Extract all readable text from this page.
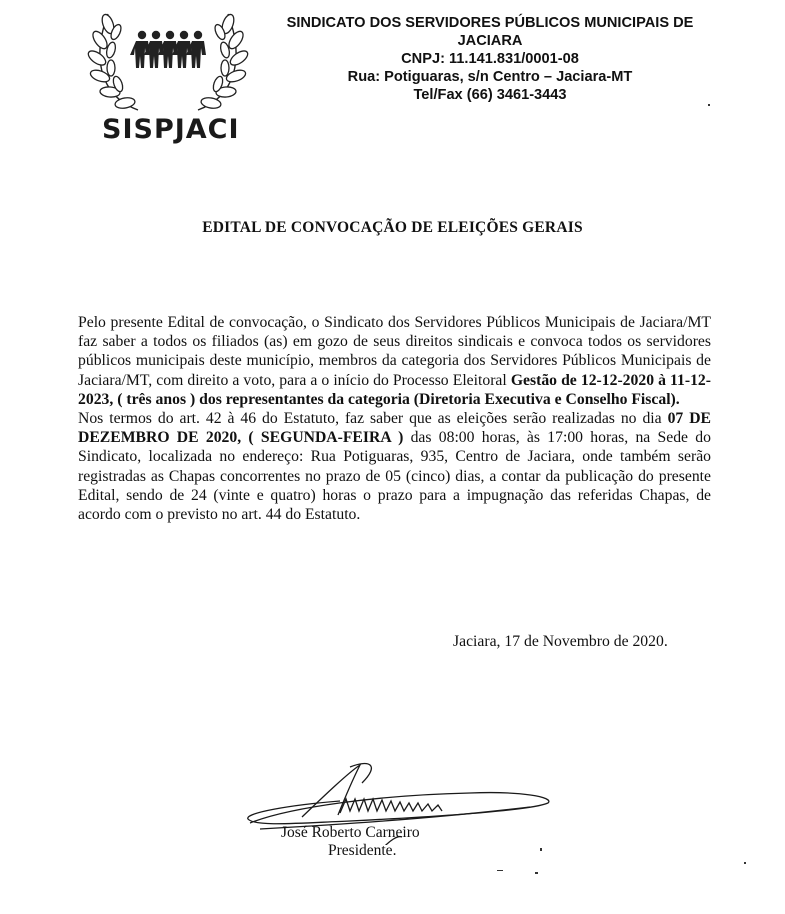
SISPJACI
SINDICATO DOS SERVIDORES PÚBLICOS MUNICIPAIS DE
JACIARA
CNPJ: 11.141.831/0001-08
Rua: Potiguaras, s/n Centro – Jaciara-MT
Tel/Fax (66) 3461-3443
EDITAL DE CONVOCAÇÃO DE ELEIÇÕES GERAIS

Pelo presente Edital de convocação, o Sindicato dos Servidores Públicos Municipais de Jaciara/MT faz saber a todos os filiados (as) em gozo de seus direitos sindicais e convoca todos os servidores públicos municipais deste município, membros da categoria dos Servidores Públicos Municipais de Jaciara/MT, com direito a voto, para a o início do Processo Eleitoral Gestão de 12-12-2020 à 11-12-2023, ( três anos ) dos representantes da categoria (Diretoria Executiva e Conselho Fiscal).

Nos termos do art. 42 à 46 do Estatuto, faz saber que as eleições serão realizadas no dia 07 DE DEZEMBRO DE 2020, ( SEGUNDA-FEIRA ) das 08:00 horas, às 17:00 horas, na Sede do Sindicato, localizada no endereço: Rua Potiguaras, 935, Centro de Jaciara, onde também serão registradas as Chapas concorrentes no prazo de 05 (cinco) dias, a contar da publicação do presente Edital, sendo de 24 (vinte e quatro) horas o prazo para a impugnação das referidas Chapas, de acordo com o previsto no art. 44 do Estatuto.

Jaciara, 17 de Novembro de 2020.
José Roberto Carneiro
Presidente.
